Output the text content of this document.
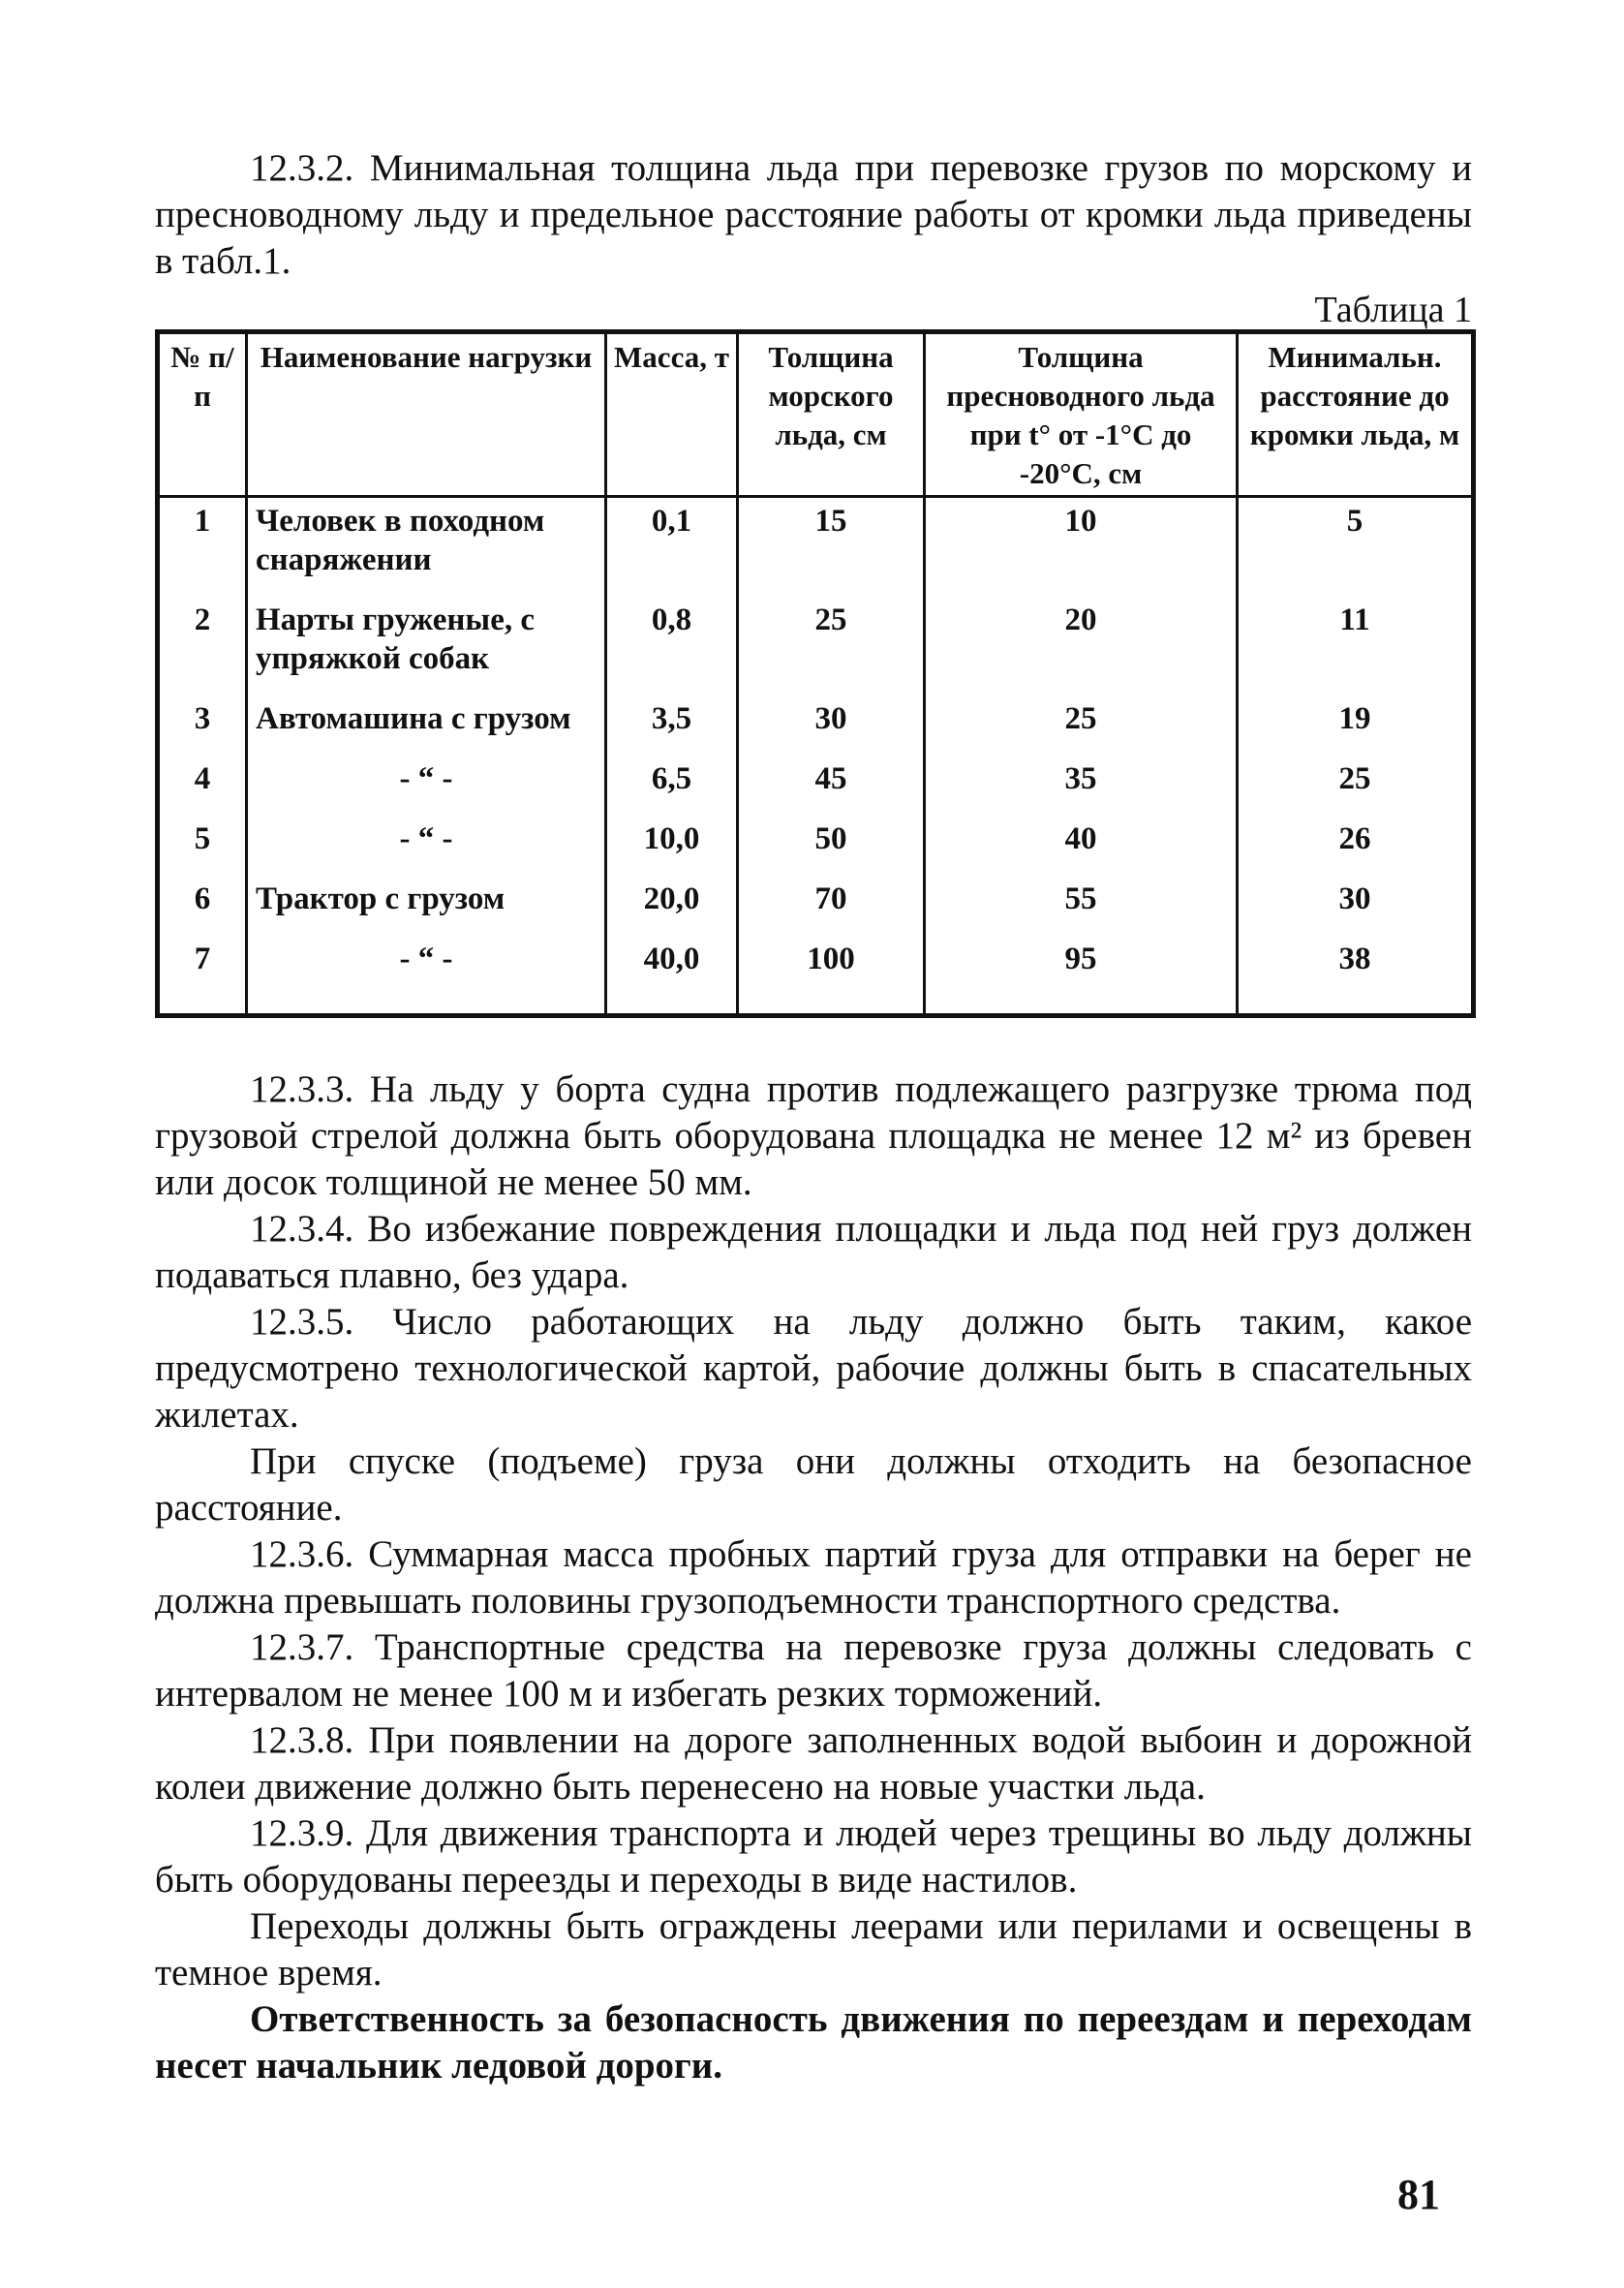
12.3.2. Минимальная толщина льда при перевозке грузов по морскому и пресноводному льду и предельное расстояние работы от кромки льда приведены в табл.1.

Таблица 1
№ п/п	Наименование нагрузки	Масса, т	Толщина морского льда, см	Толщина пресноводного льда при t° от -1°С до -20°С, см	Минимальн. расстояние до кромки льда, м
1	Человек в походном снаряжении	0,1	15	10	5
2	Нарты груженые, с упряжкой собак	0,8	25	20	11
3	Автомашина с грузом	3,5	30	25	19
4	- “ -	6,5	45	35	25
5	- “ -	10,0	50	40	26
6	Трактор с грузом	20,0	70	55	30
7	- “ -	40,0	100	95	38

12.3.3. На льду у борта судна против подлежащего разгрузке трюма под грузовой стрелой должна быть оборудована площадка не менее 12 м² из бревен или досок толщиной не менее 50 мм.

12.3.4. Во избежание повреждения площадки и льда под ней груз должен подаваться плавно, без удара.

12.3.5. Число работающих на льду должно быть таким, какое предусмотрено технологической картой, рабочие должны быть в спасательных жилетах.

При спуске (подъеме) груза они должны отходить на безопасное расстояние.

12.3.6. Суммарная масса пробных партий груза для отправки на берег не должна превышать половины грузоподъемности транспортного средства.

12.3.7. Транспортные средства на перевозке груза должны следовать с интервалом не менее 100 м и избегать резких торможений.

12.3.8. При появлении на дороге заполненных водой выбоин и дорожной колеи движение должно быть перенесено на новые участки льда.

12.3.9. Для движения транспорта и людей через трещины во льду должны быть оборудованы переезды и переходы в виде настилов.

Переходы должны быть ограждены леерами или перилами и освещены в темное время.

Ответственность за безопасность движения по переездам и переходам несет начальник ледовой дороги.

81
